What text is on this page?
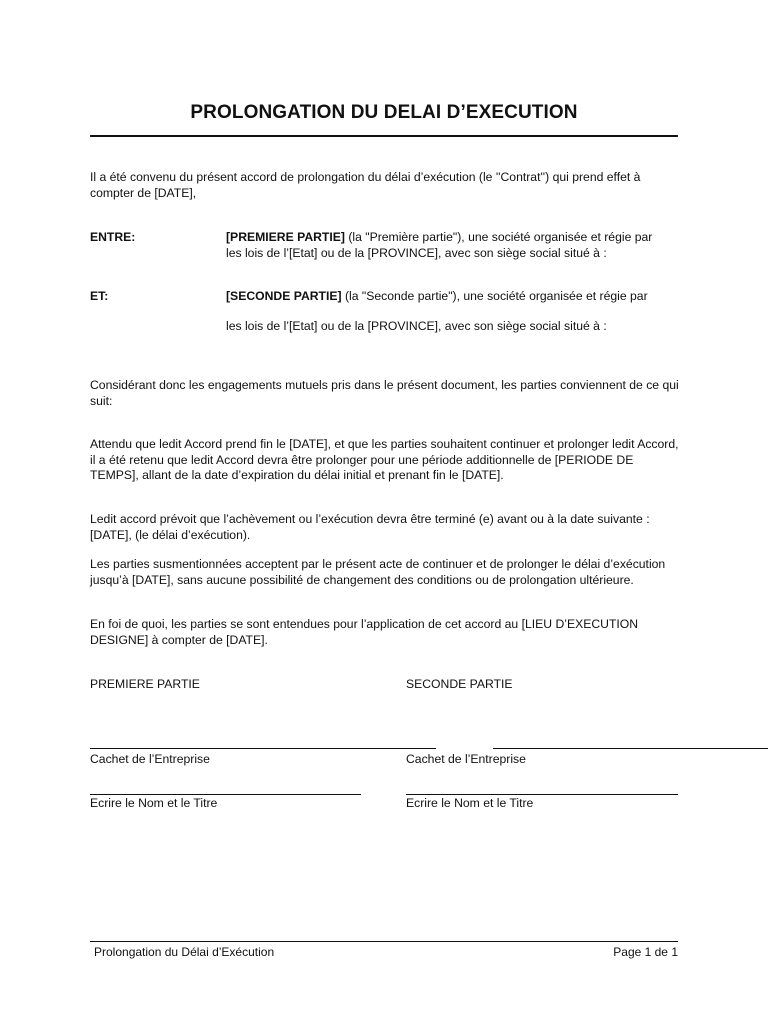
PROLONGATION DU DELAI D’EXECUTION

Il a été convenu du présent accord de prolongation du délai d’exécution (le ''Contrat'') qui prend effet à compter de [DATE],

ENTRE:	[PREMIERE PARTIE] (la "Première partie"), une société organisée et régie par
les lois de l’[Etat] ou de la [PROVINCE], avec son siège social situé à :

ET:	[SECONDE PARTIE] (la "Seconde partie"), une société organisée et régie par

les lois de l’[Etat] ou de la [PROVINCE], avec son siège social situé à :

Considérant donc les engagements mutuels pris dans le présent document, les parties conviennent de ce qui suit:

Attendu que ledit Accord prend fin le [DATE], et que les parties souhaitent continuer et prolonger ledit Accord, il a été retenu que ledit Accord devra être prolonger pour une période additionnelle de [PERIODE DE TEMPS], allant de la date d’expiration du délai initial et prenant fin le [DATE].

Ledit accord prévoit que l’achèvement ou l’exécution devra être terminé (e) avant ou à la date suivante : [DATE], (le délai d’exécution).

Les parties susmentionnées acceptent par le présent acte de continuer et de prolonger le délai d’exécution jusqu’à [DATE], sans aucune possibilité de changement des conditions ou de prolongation ultérieure.

En foi de quoi, les parties se sont entendues pour l’application de cet accord au [LIEU D’EXECUTION DESIGNE] à compter de [DATE].

PREMIERE PARTIE	SECONDE PARTIE
Cachet de l’Entreprise	Cachet de l’Entreprise
Ecrire le Nom et le Titre	Ecrire le Nom et le Titre
Prolongation du Délai d’Exécution	Page 1 de 1
